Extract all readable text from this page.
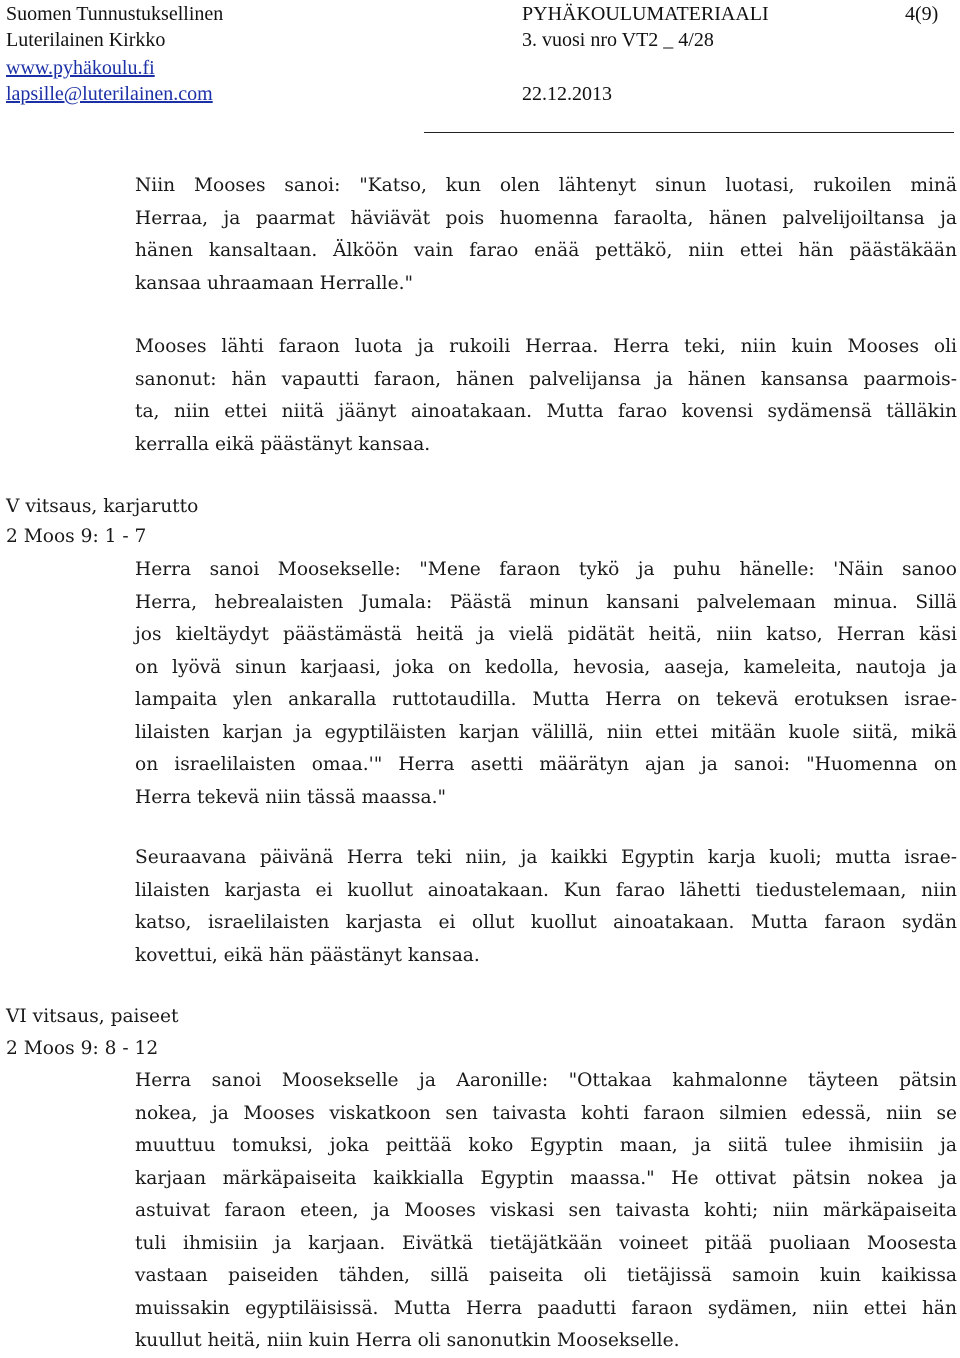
Suomen Tunnustuksellinen
Luterilainen Kirkko
www.pyhäkoulu.fi
lapsille@luterilainen.com
PYHÄKOULUMATERIAALI
3. vuosi nro VT2 _ 4/28
22.12.2013
4(9)
Niin Mooses sanoi: "Katso, kun olen lähtenyt sinun luotasi, rukoilen minä
Herraa, ja paarmat häviävät pois huomenna faraolta, hänen palvelijoiltansa ja
hänen kansaltaan. Älköön vain farao enää pettäkö, niin ettei hän päästäkään
kansaa uhraamaan Herralle."
Mooses lähti faraon luota ja rukoili Herraa. Herra teki, niin kuin Mooses oli
sanonut: hän vapautti faraon, hänen palvelijansa ja hänen kansansa paarmois-
ta, niin ettei niitä jäänyt ainoatakaan. Mutta farao kovensi sydämensä tälläkin
kerralla eikä päästänyt kansaa.
V vitsaus, karjarutto
2 Moos 9: 1 - 7
Herra sanoi Moosekselle: "Mene faraon tykö ja puhu hänelle: 'Näin sanoo
Herra, hebrealaisten Jumala: Päästä minun kansani palvelemaan minua. Sillä
jos kieltäydyt päästämästä heitä ja vielä pidätät heitä, niin katso, Herran käsi
on lyövä sinun karjaasi, joka on kedolla, hevosia, aaseja, kameleita, nautoja ja
lampaita ylen ankaralla ruttotaudilla. Mutta Herra on tekevä erotuksen israe-
lilaisten karjan ja egyptiläisten karjan välillä, niin ettei mitään kuole siitä, mikä
on israelilaisten omaa.'" Herra asetti määrätyn ajan ja sanoi: "Huomenna on
Herra tekevä niin tässä maassa."
Seuraavana päivänä Herra teki niin, ja kaikki Egyptin karja kuoli; mutta israe-
lilaisten karjasta ei kuollut ainoatakaan. Kun farao lähetti tiedustelemaan, niin
katso, israelilaisten karjasta ei ollut kuollut ainoatakaan. Mutta faraon sydän
kovettui, eikä hän päästänyt kansaa.
VI vitsaus, paiseet
2 Moos 9: 8 - 12
Herra sanoi Moosekselle ja Aaronille: "Ottakaa kahmalonne täyteen pätsin
nokea, ja Mooses viskatkoon sen taivasta kohti faraon silmien edessä, niin se
muuttuu tomuksi, joka peittää koko Egyptin maan, ja siitä tulee ihmisiin ja
karjaan märkäpaiseita kaikkialla Egyptin maassa." He ottivat pätsin nokea ja
astuivat faraon eteen, ja Mooses viskasi sen taivasta kohti; niin märkäpaiseita
tuli ihmisiin ja karjaan. Eivätkä tietäjätkään voineet pitää puoliaan Moosesta
vastaan paiseiden tähden, sillä paiseita oli tietäjissä samoin kuin kaikissa
muissakin egyptiläisissä. Mutta Herra paadutti faraon sydämen, niin ettei hän
kuullut heitä, niin kuin Herra oli sanonutkin Moosekselle.
